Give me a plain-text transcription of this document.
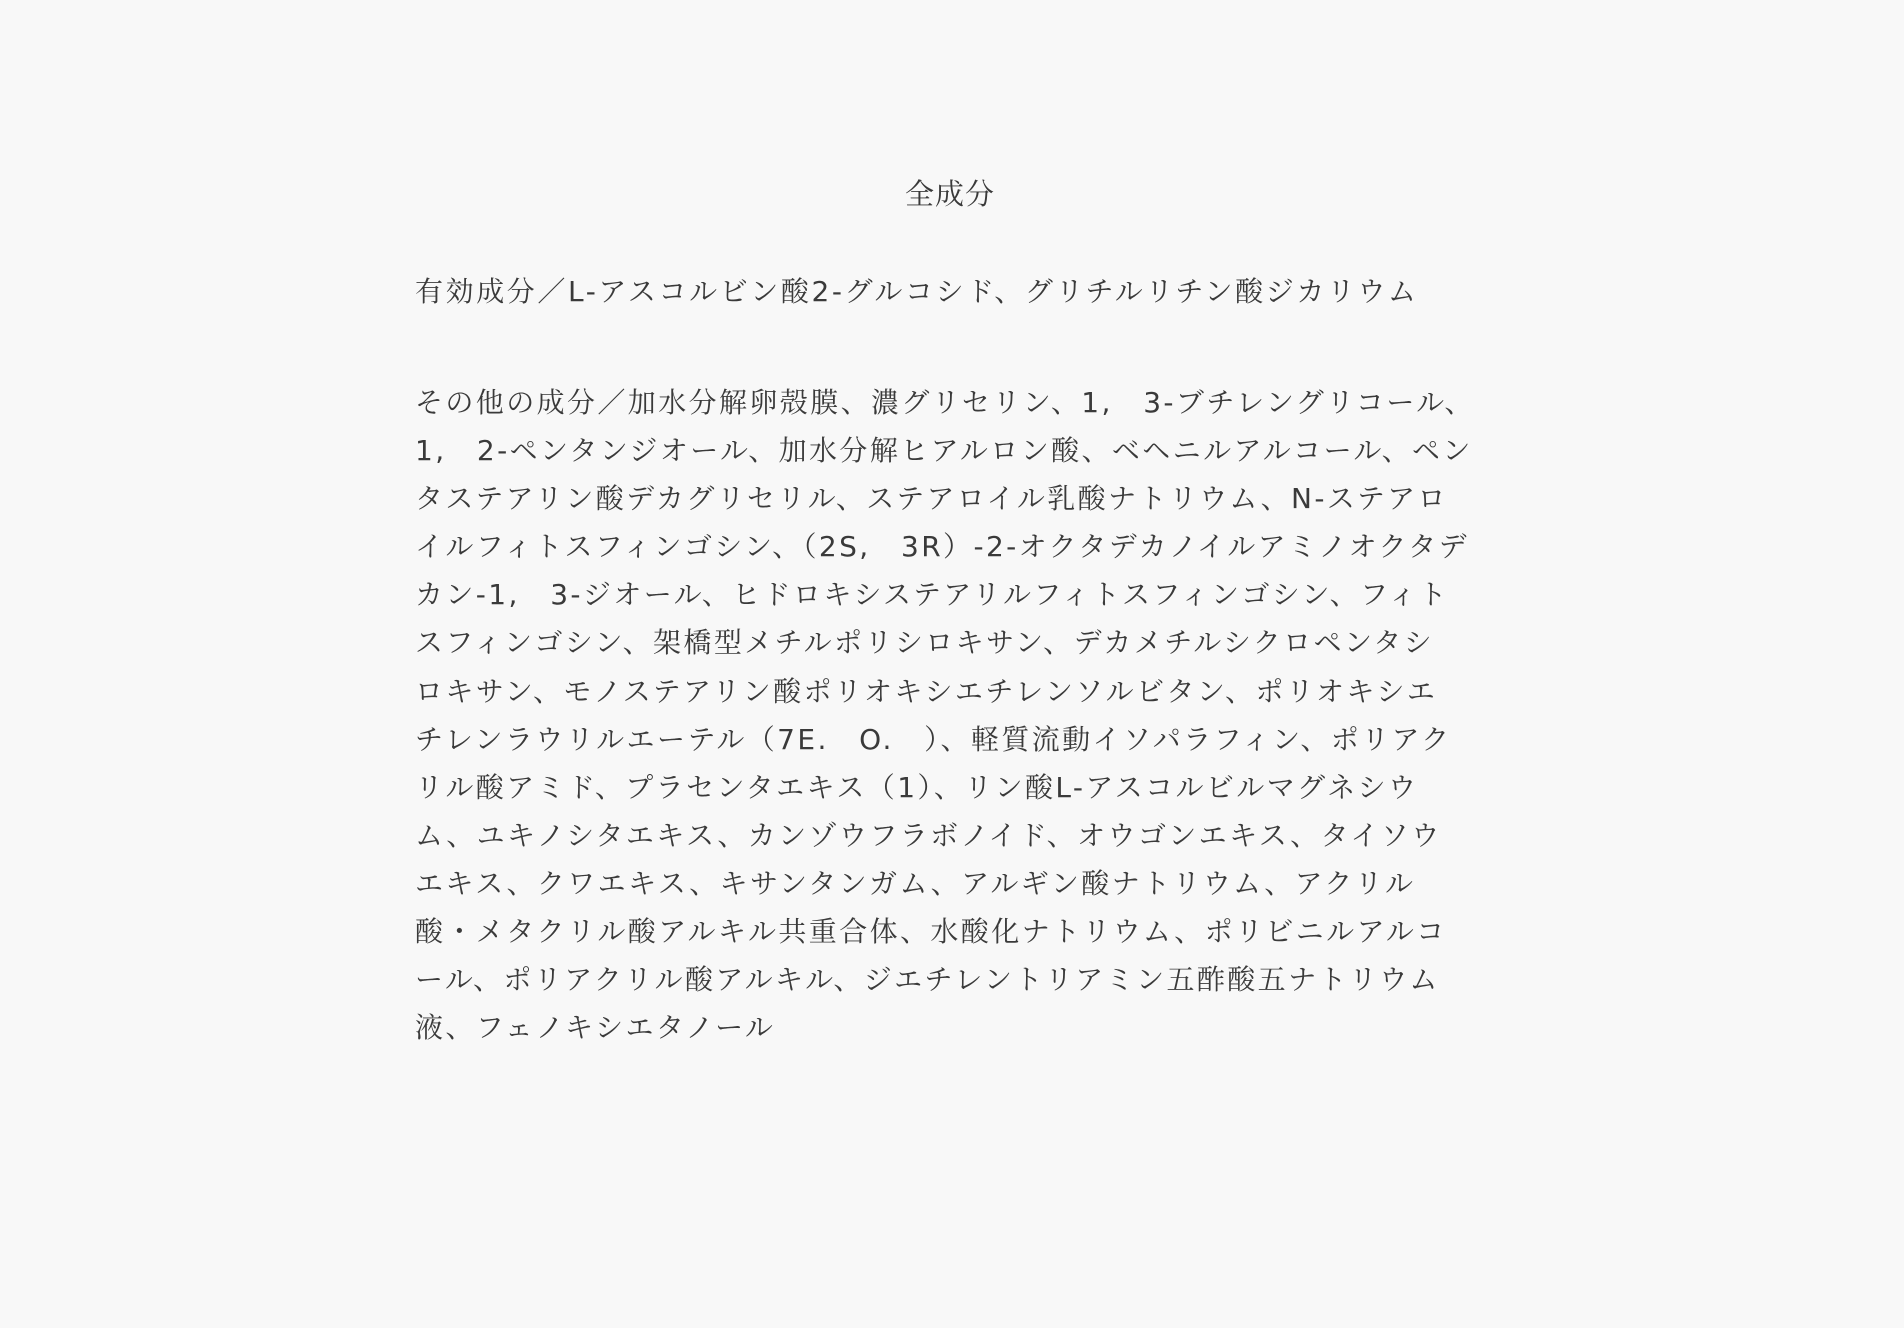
全成分
有効成分／L-アスコルビン酸2-グルコシド、グリチルリチン酸ジカリウム
その他の成分／加水分解卵殻膜、濃グリセリン、1,　3-ブチレングリコール、
1,　2-ペンタンジオール、加水分解ヒアルロン酸、ベヘニルアルコール、ペン
タステアリン酸デカグリセリル、ステアロイル乳酸ナトリウム、N-ステアロ
イルフィトスフィンゴシン、（2S,　3R）-2-オクタデカノイルアミノオクタデ
カン-1,　3-ジオール、ヒドロキシステアリルフィトスフィンゴシン、フィト
スフィンゴシン、架橋型メチルポリシロキサン、デカメチルシクロペンタシ
ロキサン、モノステアリン酸ポリオキシエチレンソルビタン、ポリオキシエ
チレンラウリルエーテル（7E.　O.　）、軽質流動イソパラフィン、ポリアク
リル酸アミド、プラセンタエキス（1）、リン酸L-アスコルビルマグネシウ
ム、ユキノシタエキス、カンゾウフラボノイド、オウゴンエキス、タイソウ
エキス、クワエキス、キサンタンガム、アルギン酸ナトリウム、アクリル
酸・メタクリル酸アルキル共重合体、水酸化ナトリウム、ポリビニルアルコ
ール、ポリアクリル酸アルキル、ジエチレントリアミン五酢酸五ナトリウム
液、フェノキシエタノール
